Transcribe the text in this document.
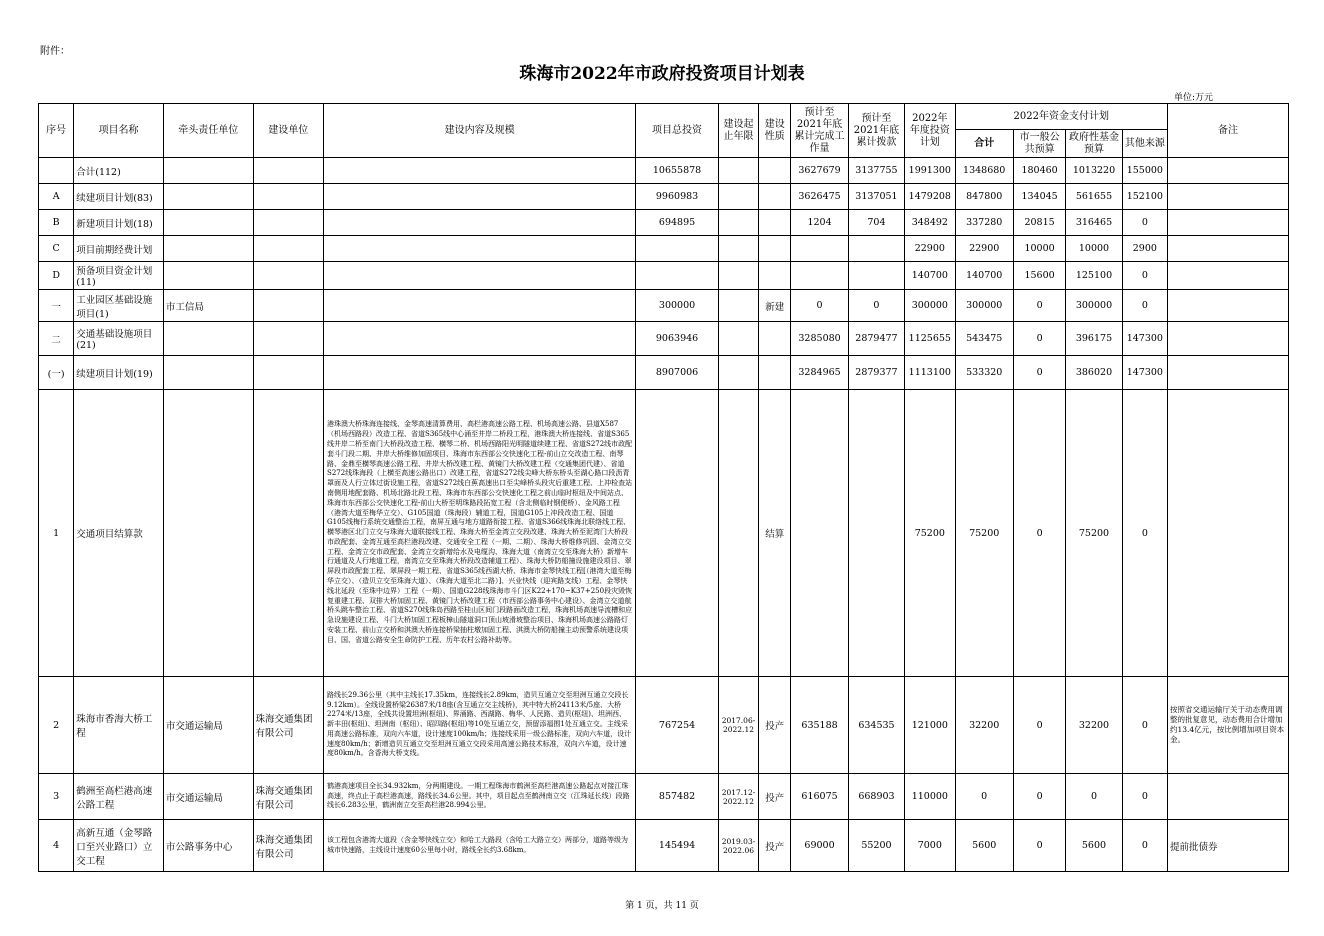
附件：
珠海市2022年市政府投资项目计划表
单位:万元
序号	项目名称	牵头责任单位	建设单位	建设内容及规模	项目总投资	建设起止年限	建设性质	预计至2021年底累计完成工作量	预计至2021年底累计拨款	2022年年度投资计划	2022年资金支付计划				备注
											合计	市一般公共预算	政府性基金预算	其他来源	
	合计(112)				10655878			3627679	3137755	1991300	1348680	180460	1013220	155000	
A	续建项目计划(83)				9960983			3626475	3137051	1479208	847800	134045	561655	152100	
B	新建项目计划(18)				694895			1204	704	348492	337280	20815	316465	0	
C	项目前期经费计划									22900	22900	10000	10000	2900	
D	预备项目资金计划(11)									140700	140700	15600	125100	0	
一	工业园区基础设施项目(1)	市工信局			300000		新建	0	0	300000	300000	0	300000	0	
二	交通基础设施项目(21)				9063946			3285080	2879477	1125655	543475	0	396175	147300	
(一)	续建项目计划(19)				8907006			3284965	2879377	1113100	533320	0	386020	147300	
1	交通项目结算款			港珠澳大桥珠海连接线、金琴高速清算费用、高栏港高速公路工程、机场高速公路、县道X587（机场西路段）改造工程、省道S365线中心涌至井岸二桥段工程，港珠澳大桥连接线、省道S365线井岸二桥至南门大桥段改造工程、横琴二桥、机场西路阳光明隧道续建工程、省道S272线市政配套斗门段二期、井岸大桥维修加固项目、珠海市东西部公交快速化工程-前山立交改造工程、南琴路、金鼎至横琴高速公路工程、井岸大桥改建工程、黄镜门大桥改建工程（交通集团代建）、省道S272线珠海段（上横至高速公路出口）改建工程，省道S272线尖峰大桥东桥头至湖心路口段沥青罩面及人行立体过街设施工程，省道S272线白蕉高速出口至尖峰桥头段灾后重建工程、上冲检查站南侧用地配套路、机场北路北段工程、珠海市东西部公交快速化工程之前山临时枢纽及中间站点、珠海市东西部公交快速化工程-前山大桥至明珠路段拓宽工程（含北侧临时钢便桥）、金风路工程（港湾大道至梅华立交）、G105国道（珠海段）辅道工程，国道G105上冲段改造工程、国道G105线梅行系统交通整治工程，南屏互通与地方道路衔接工程、省道S366线珠海北联络线工程、横琴港区北门立交与珠海大道联接线工程、珠海大桥至金湾立交段改建、珠海大桥至泥湾门大桥段市政配套、金湾互通至高栏港段改建、交通安全工程（一期、二期）、珠海大桥维修巩固、金湾立交工程、金湾立交市政配套、金湾立交新增给水及电缆沟、珠海大道（南湾立交至珠海大桥）新增车行通道及人行地道工程，南湾立交至珠海大桥段改造辅道工程）、珠海大桥防船撞设施建设项目、翠屏段市政配套工程、翠屏段一期工程、省道S365线西湖大桥、珠海市金琴快线工程[（港湾大道至梅华立交）、（造贝立交至珠海大道）、（珠海大道至北二路）]、兴业快线（迎宾路支线）工程、金琴快线北延段（至珠中边界）工程（一期）、国道G228线珠海市斗门区K22+170~K37+250段灾毁恢复重建工程、双排大桥加固工程、黄镜门大桥改建工程（市西部公路事务中心建设）、金湾立交道航桥头跳车整治工程、省道S270线珠岛西路至桂山区间门段路面改造工程，珠海机场高速导流槽和应急设施建设工程、斗门大桥加固工程板樟山隧道洞口顶山坡滑坡整治项目、珠海机场高速公路路灯安装工程、前山立交桥和淇澳大桥连接桥梁抽柱墩加固工程、淇澳大桥防船撞主动预警系统建设项目、国、省道公路安全生命防护工程、历年农村公路补助等。			结算			75200	75200	0	75200	0	
2	珠海市香海大桥工程	市交通运输局	珠海交通集团有限公司	路线长29.36公里（其中主线长17.35km，连接线长2.89km，造贝互通立交至坦洲互通立交段长9.12km）。全线设置桥梁26387米/18座(含互通立交主线桥)，其中特大桥24113米/5座、大桥2274米/13座，全线共设置坦洲(枢纽)、界涌路、西湖路、梅华、人民路、造贝(枢纽)、坦洲西、新丰田(枢纽)、坦洲南（枢纽）、昭四路(枢纽)等10处互通立交，预留添福围1处互通立交。主线采用高速公路标准，双向六车道，设计速度100km/h；连接线采用一级公路标准，双向六车道，设计速度80km/h；新增造贝互通立交至坦洲互通立交段采用高速公路技术标准，双向六车道，设计速度80km/h。含香海大桥支线。	767254	2017.06-2022.12	投产	635188	634535	121000	32200	0	32200	0	按照省交通运输厅关于动态费用调整的批复意见，动态费用合计增加约13.4亿元，按比例增加项目资本金。
3	鹤洲至高栏港高速公路工程	市交通运输局	珠海交通集团有限公司	鹤港高速项目全长34.932km，分两期建设。一期工程珠海市鹤洲至高栏港高速公路起点对接江珠高速，终点止于高栏港高速，路线长34.6公里。其中，项目起点至鹤洲南立交（江珠延长线）段路线长6.283公里，鹤洲南立交至高栏港28.994公里。	857482	2017.12-2022.12	投产	616075	668903	110000	0	0	0	0	
4	高新互通（金琴路口至兴业路口）立交工程	市公路事务中心	珠海交通集团有限公司	该工程包含港湾大道段（含金琴快线立交）和哈工大路段（含哈工大路立交）两部分，道路等级为城市快速路，主线设计速度60公里每小时，路线全长约3.68km。	145494	2019.03-2022.06	投产	69000	55200	7000	5600	0	5600	0	提前批债券
第 1 页，共 11 页
